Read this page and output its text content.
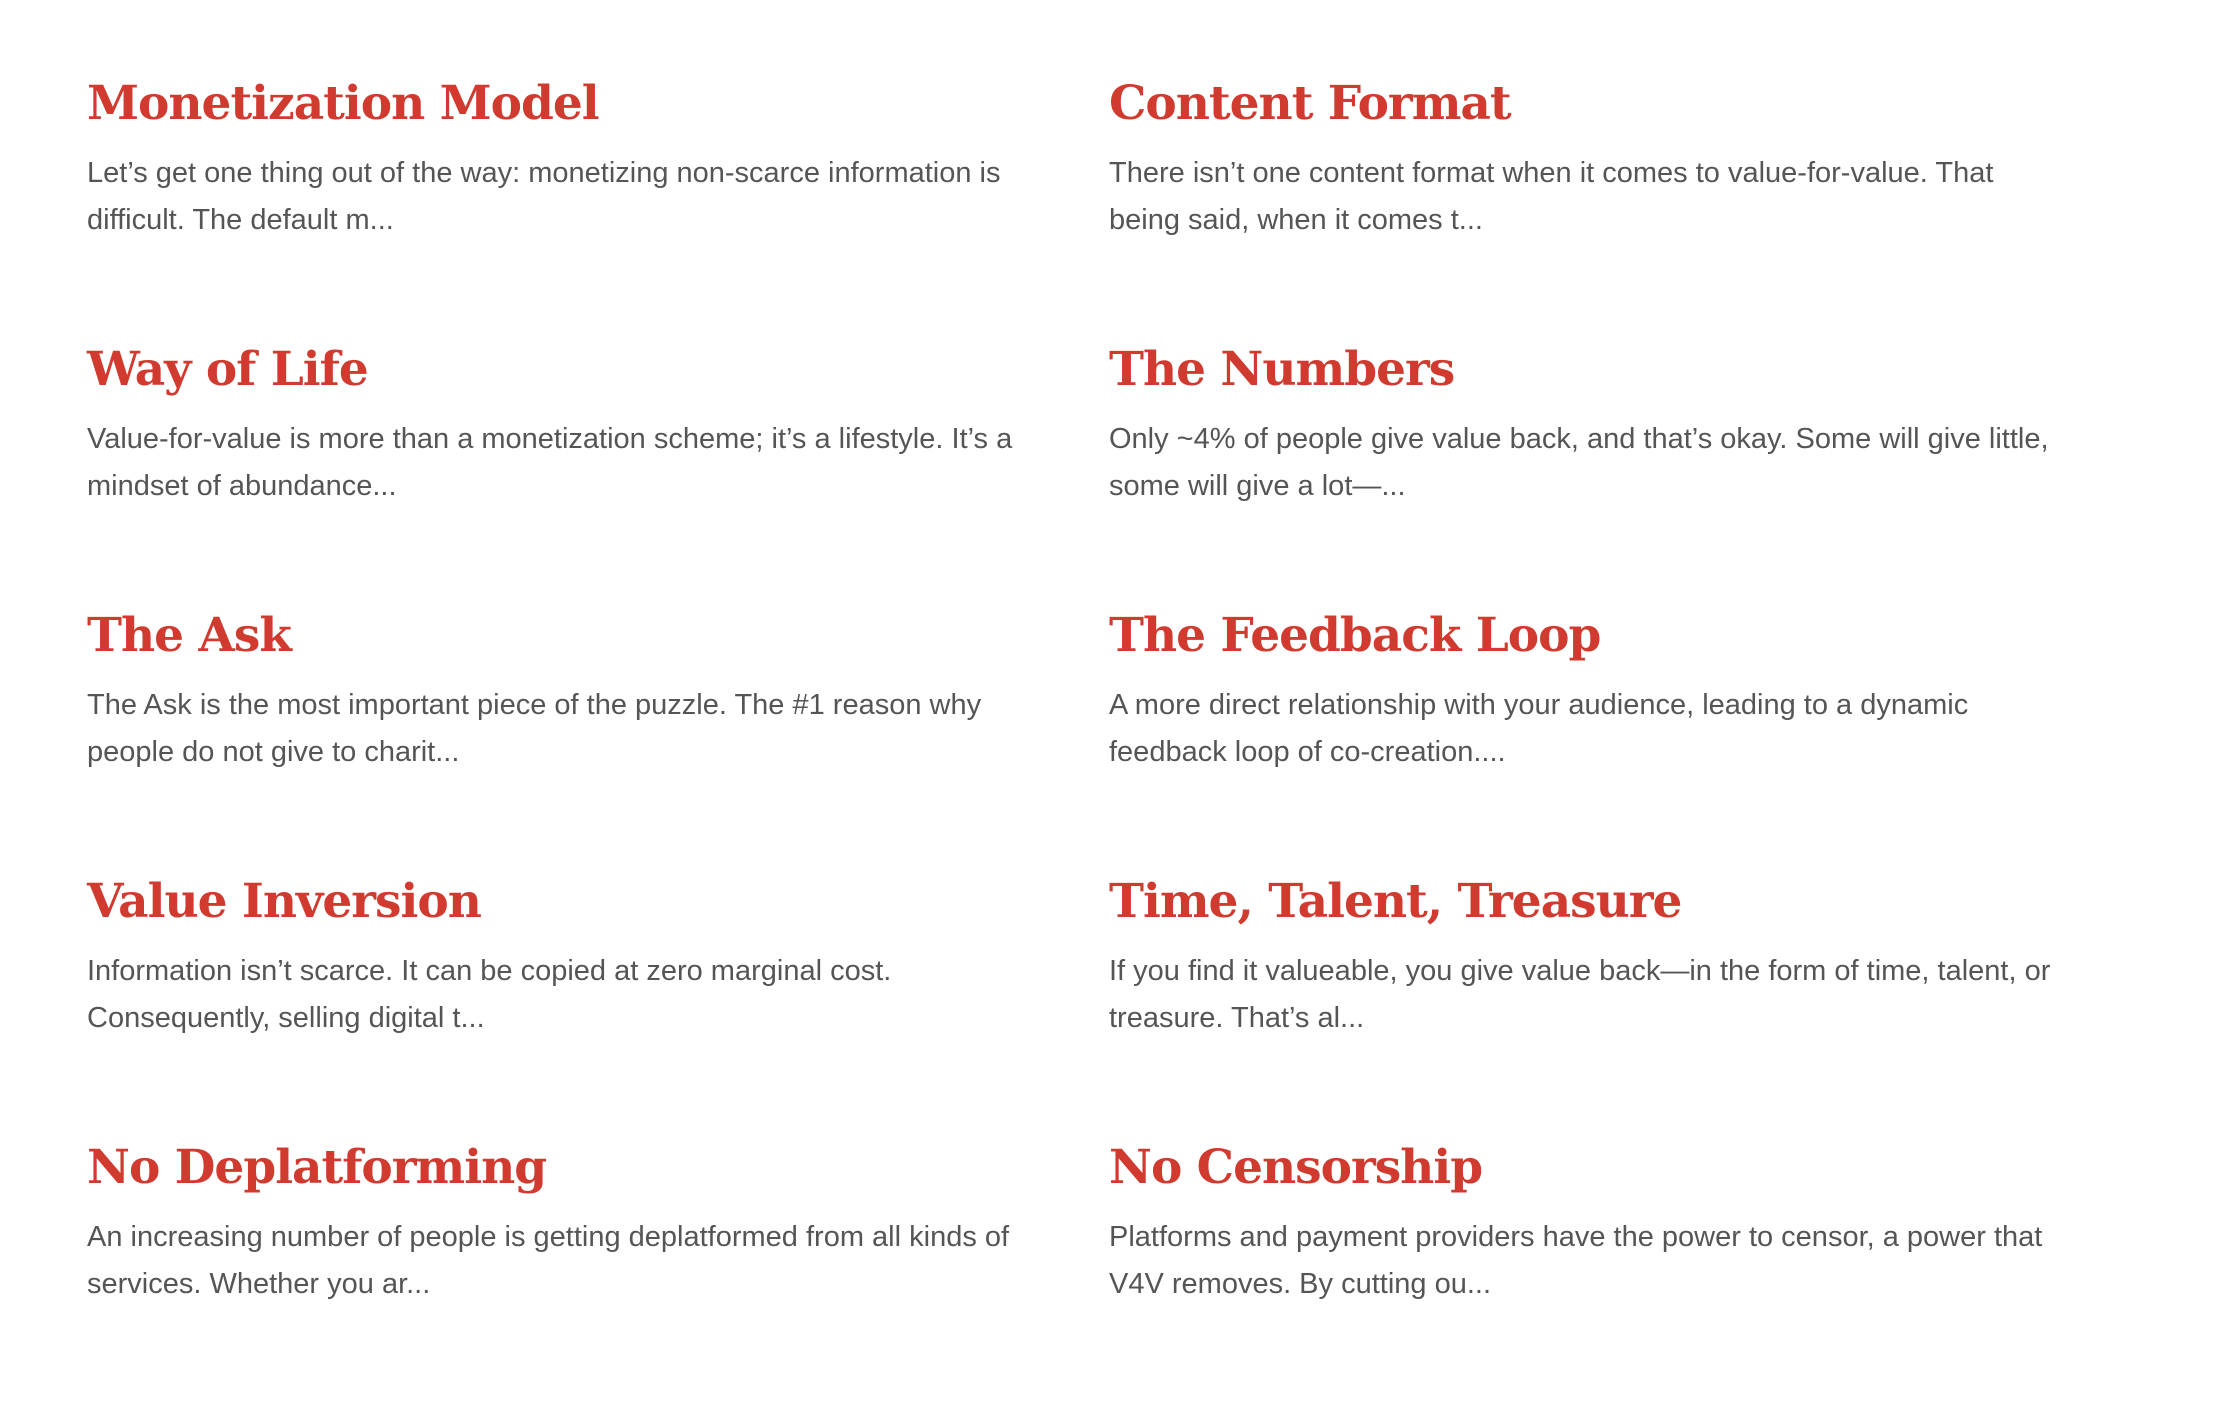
Monetization Model

Let’s get one thing out of the way: monetizing non-scarce information is difficult. The default m...

Content Format

There isn’t one content format when it comes to value-for-value. That being said, when it comes t...

Way of Life

Value-for-value is more than a monetization scheme; it’s a lifestyle. It’s a mindset of abundance...

The Numbers

Only ~4% of people give value back, and that’s okay. Some will give little, some will give a lot—...

The Ask

The Ask is the most important piece of the puzzle. The #1 reason why people do not give to charit...

The Feedback Loop

A more direct relationship with your audience, leading to a dynamic feedback loop of co-creation....

Value Inversion

Information isn’t scarce. It can be copied at zero marginal cost. Consequently, selling digital t...

Time, Talent, Treasure

If you find it valueable, you give value back—in the form of time, talent, or treasure. That’s al...

No Deplatforming

An increasing number of people is getting deplatformed from all kinds of services. Whether you ar...

No Censorship

Platforms and payment providers have the power to censor, a power that V4V removes. By cutting ou...
